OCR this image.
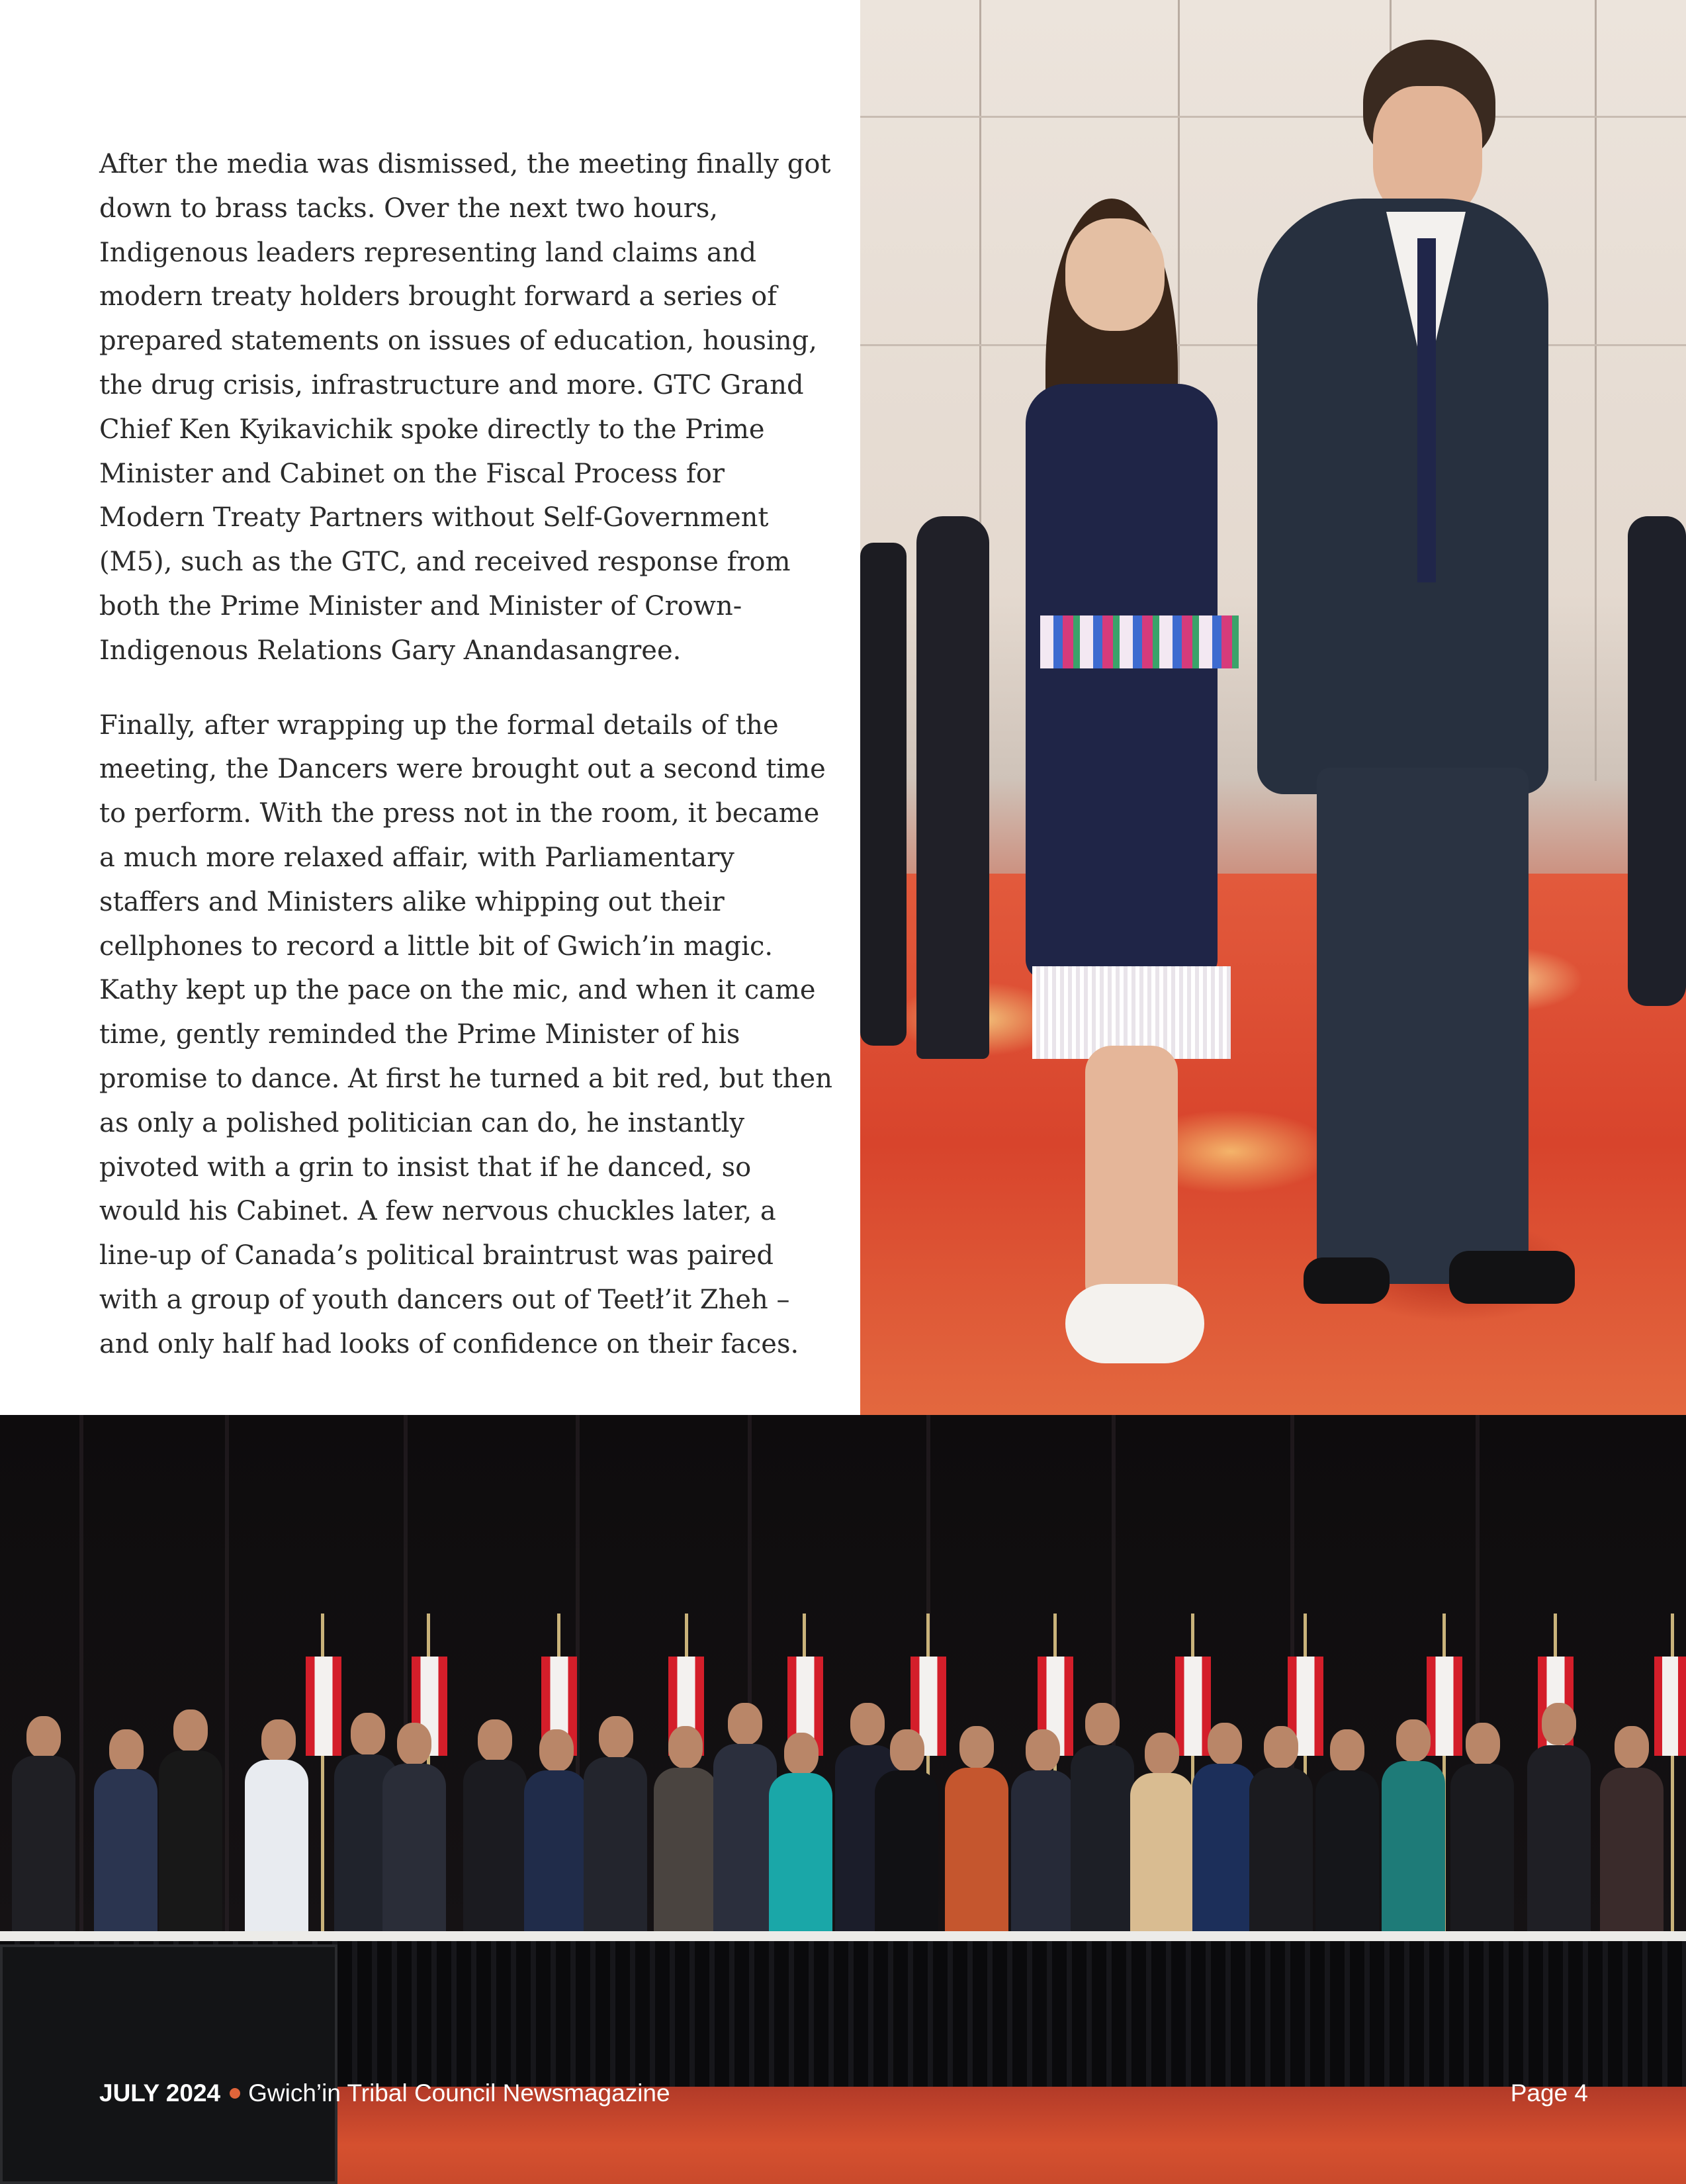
After the media was dismissed, the meeting finally got down to brass tacks. Over the next two hours, Indigenous leaders representing land claims and modern treaty holders brought forward a series of prepared statements on issues of education, housing, the drug crisis, infrastructure and more. GTC Grand Chief Ken Kyikavichik spoke directly to the Prime Minister and Cabinet on the Fiscal Process for Modern Treaty Partners without Self-Government (M5), such as the GTC, and received response from both the Prime Minister and Minister of Crown-Indigenous Relations Gary Anandasangree.

Finally, after wrapping up the formal details of the meeting, the Dancers were brought out a second time to perform. With the press not in the room, it became a much more relaxed affair, with Parliamentary staffers and Ministers alike whipping out their cellphones to record a little bit of Gwich’in magic. Kathy kept up the pace on the mic, and when it came time, gently reminded the Prime Minister of his promise to dance. At first he turned a bit red, but then as only a polished politician can do, he instantly pivoted with a grin to insist that if he danced, so would his Cabinet. A few nervous chuckles later, a line-up of Canada’s political braintrust was paired with a group of youth dancers out of Teetł’it Zheh – and only half had looks of confidence on their faces.

JULY 2024 Gwich’in Tribal Council Newsmagazine	Page 4
